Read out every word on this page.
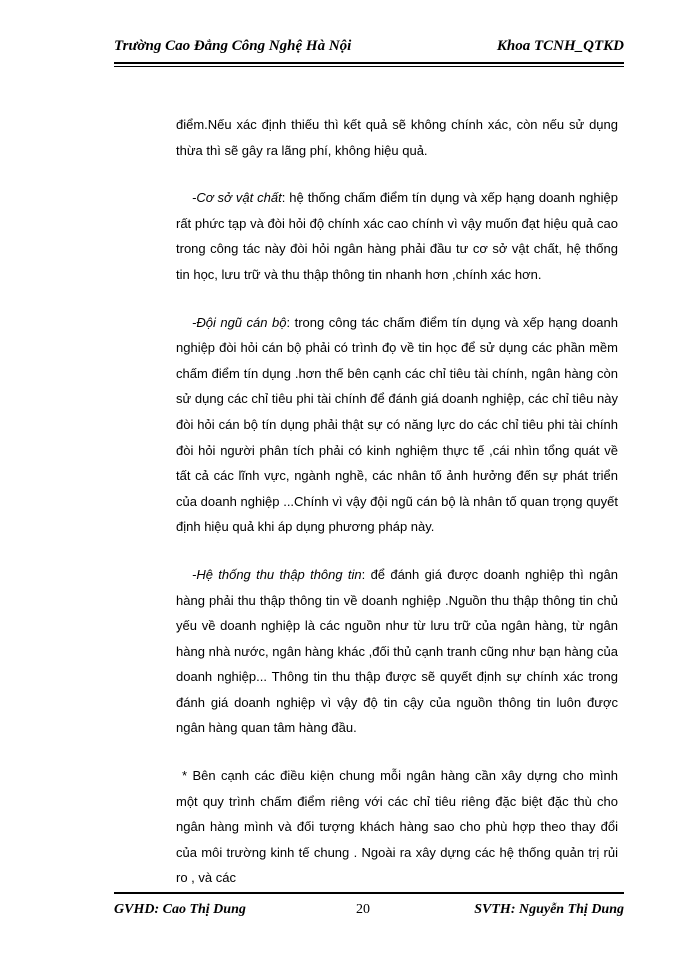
Trường Cao Đẳng Công Nghệ Hà Nội	Khoa TCNH_QTKD

điểm.Nếu xác định thiếu thì kết quả sẽ không chính xác, còn nếu sử dụng thừa thì sẽ gây ra lãng phí, không hiệu quả.

-Cơ sở vật chất: hệ thống chấm điểm tín dụng và xếp hạng doanh nghiệp rất phức tạp và đòi hỏi độ chính xác cao chính vì vậy muốn đạt hiệu quả cao trong công tác này đòi hỏi ngân hàng phải đầu tư cơ sở vật chất, hệ thống tin học, lưu trữ và thu thập thông tin nhanh hơn ,chính xác hơn.

-Đội ngũ cán bộ: trong công tác chấm điểm tín dụng và xếp hạng doanh nghiệp đòi hỏi cán bộ phải có trình đọ về tin học để sử dụng các phần mềm chấm điểm tín dụng .hơn thế bên cạnh các chỉ tiêu tài chính, ngân hàng còn sử dụng các chỉ tiêu phi tài chính để đánh giá doanh nghiệp, các chỉ tiêu này đòi hỏi cán bộ tín dụng phải thật sự có năng lực do các chỉ tiêu phi tài chính đòi hỏi người phân tích phải có kinh nghiệm thực tế ,cái nhìn tổng quát về tất cả các lĩnh vực, ngành nghề, các nhân tố ảnh hưởng đến sự phát triển của doanh nghiệp ...Chính vì vậy đội ngũ cán bộ là nhân tố quan trọng quyết định hiệu quả khi áp dụng phương pháp này.

-Hệ thống thu thập thông tin: để đánh giá được doanh nghiệp thì ngân hàng phải thu thập thông tin về doanh nghiệp .Nguồn thu thập thông tin chủ yếu về doanh nghiệp là các nguồn như từ lưu trữ của ngân hàng, từ ngân hàng nhà nước, ngân hàng khác ,đối thủ cạnh tranh cũng như bạn hàng của doanh nghiệp... Thông tin thu thập được sẽ quyết định sự chính xác trong đánh giá doanh nghiệp vì vậy độ tin cậy của nguồn thông tin luôn được ngân hàng quan tâm hàng đầu.

* Bên cạnh các điều kiện chung mỗi ngân hàng cần xây dựng cho mình một quy trình chấm điểm riêng với các chỉ tiêu riêng đặc biệt đặc thù cho ngân hàng mình và đối tượng khách hàng sao cho phù hợp theo thay đổi của môi trường kinh tế chung . Ngoài ra xây dựng các hệ thống quản trị rủi ro , và các

GVHD: Cao Thị Dung	20	SVTH: Nguyễn Thị Dung
